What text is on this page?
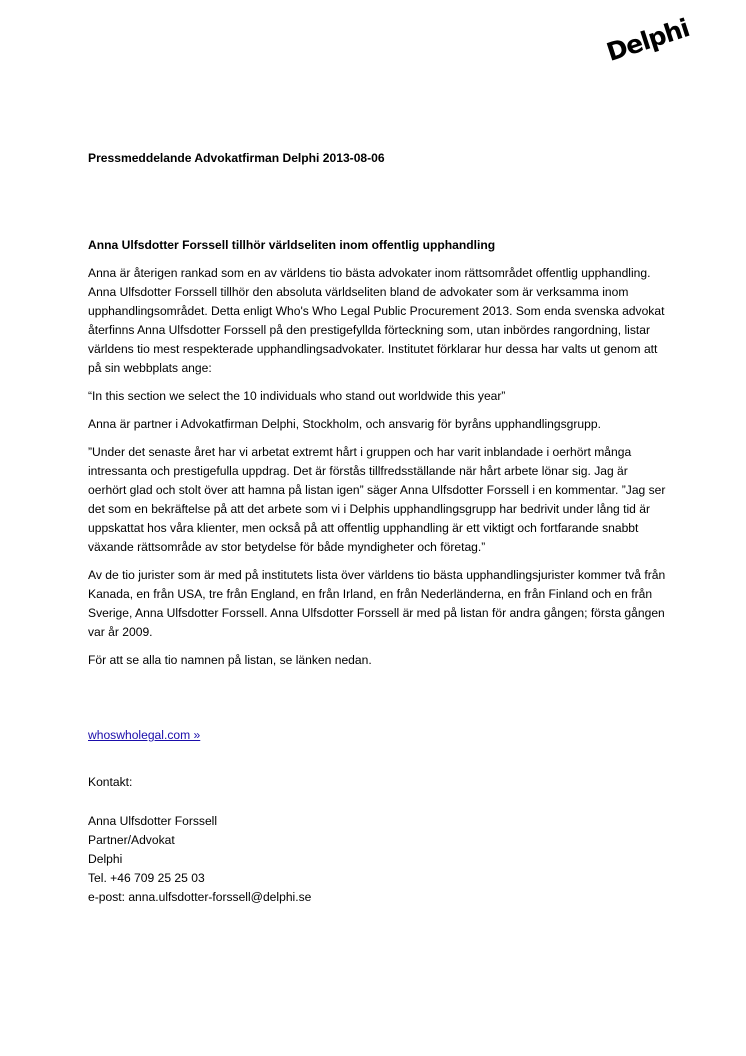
Delphi

Pressmeddelande Advokatfirman Delphi 2013-08-06

Anna Ulfsdotter Forssell tillhör världseliten inom offentlig upphandling

Anna är återigen rankad som en av världens tio bästa advokater inom rättsområdet offentlig upphandling. Anna Ulfsdotter Forssell tillhör den absoluta världseliten bland de advokater som är verksamma inom upphandlingsområdet. Detta enligt Who's Who Legal Public Procurement 2013. Som enda svenska advokat återfinns Anna Ulfsdotter Forssell på den prestigefyllda förteckning som, utan inbördes rangordning, listar världens tio mest respekterade upphandlingsadvokater. Institutet förklarar hur dessa har valts ut genom att på sin webbplats ange:

“In this section we select the 10 individuals who stand out worldwide this year”

Anna är partner i Advokatfirman Delphi, Stockholm, och ansvarig för byråns upphandlingsgrupp.

”Under det senaste året har vi arbetat extremt hårt i gruppen och har varit inblandade i oerhört många intressanta och prestigefulla uppdrag. Det är förstås tillfredsställande när hårt arbete lönar sig. Jag är oerhört glad och stolt över att hamna på listan igen” säger Anna Ulfsdotter Forssell i en kommentar. ”Jag ser det som en bekräftelse på att det arbete som vi i Delphis upphandlingsgrupp har bedrivit under lång tid är uppskattat hos våra klienter, men också på att offentlig upphandling är ett viktigt och fortfarande snabbt växande rättsområde av stor betydelse för både myndigheter och företag.”

Av de tio jurister som är med på institutets lista över världens tio bästa upphandlingsjurister kommer två från Kanada, en från USA, tre från England, en från Irland, en från Nederländerna, en från Finland och en från Sverige, Anna Ulfsdotter Forssell. Anna Ulfsdotter Forssell är med på listan för andra gången; första gången var år 2009.

För att se alla tio namnen på listan, se länken nedan.

whoswholegal.com »

Kontakt:

Anna Ulfsdotter Forssell
Partner/Advokat
Delphi
Tel. +46 709 25 25 03
e-post: anna.ulfsdotter-forssell@delphi.se
